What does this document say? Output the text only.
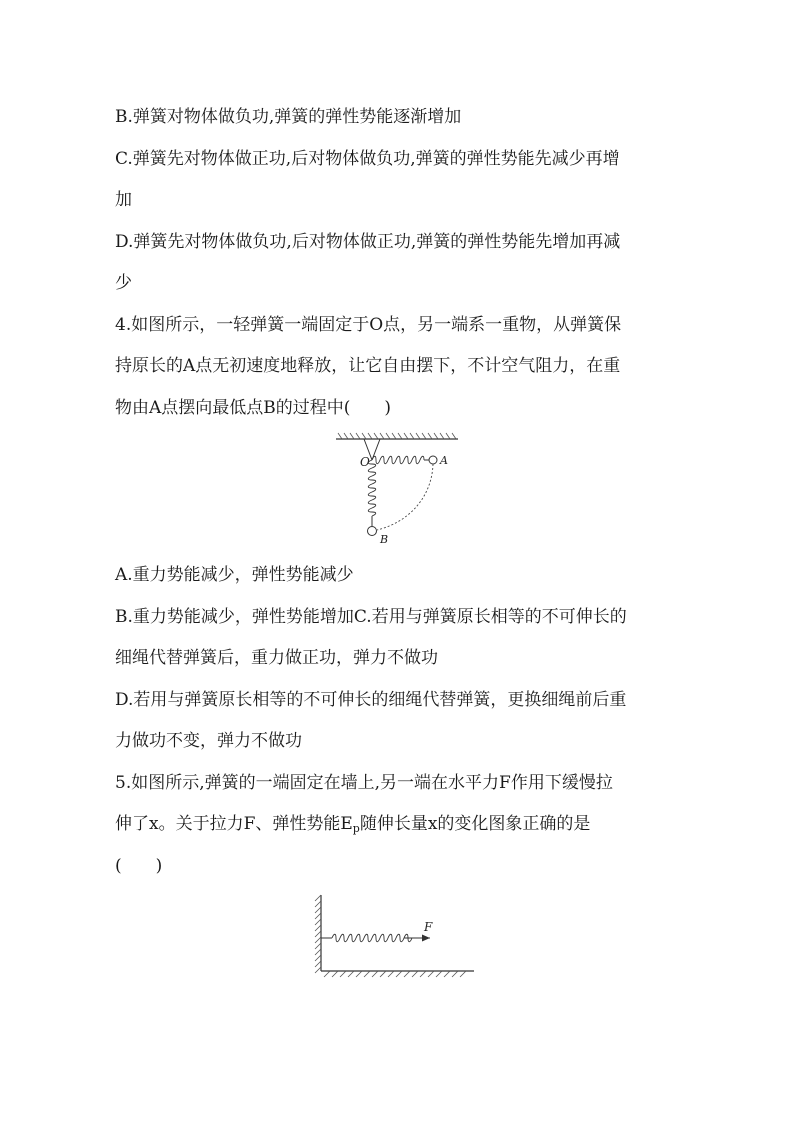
B.弹簧对物体做负功,弹簧的弹性势能逐渐增加
C.弹簧先对物体做正功,后对物体做负功,弹簧的弹性势能先减少再增
加
D.弹簧先对物体做负功,后对物体做正功,弹簧的弹性势能先增加再减
少
4.如图所示，一轻弹簧一端固定于O点，另一端系一重物，从弹簧保
持原长的A点无初速度地释放，让它自由摆下，不计空气阻力，在重
物由A点摆向最低点B的过程中(　　)
O	A
B
A.重力势能减少，弹性势能减少
B.重力势能减少，弹性势能增加C.若用与弹簧原长相等的不可伸长的
细绳代替弹簧后，重力做正功，弹力不做功
D.若用与弹簧原长相等的不可伸长的细绳代替弹簧，更换细绳前后重
力做功不变，弹力不做功
5.如图所示,弹簧的一端固定在墙上,另一端在水平力F作用下缓慢拉
伸了x。关于拉力F、弹性势能$E_p$随伸长量x的变化图象正确的是
(　　)
F
